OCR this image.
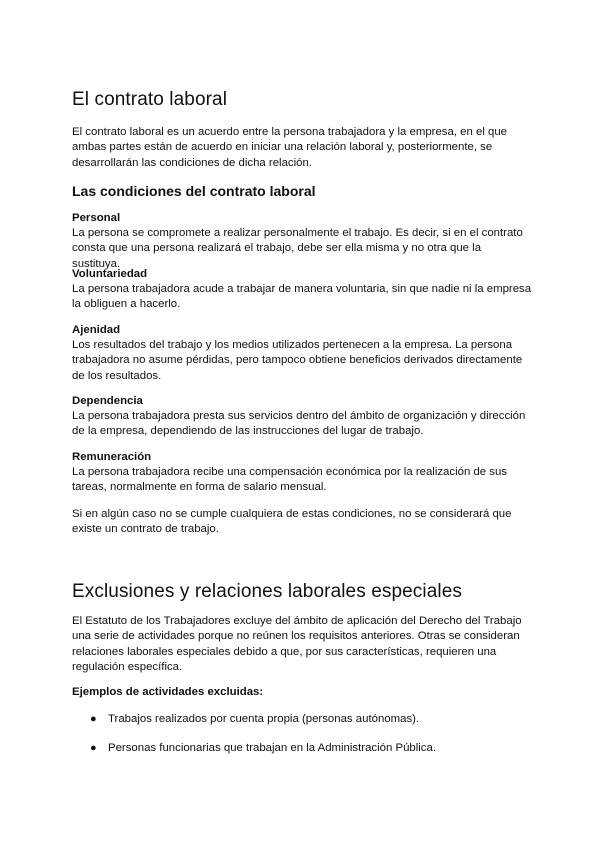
El contrato laboral

El contrato laboral es un acuerdo entre la persona trabajadora y la empresa, en el que ambas partes están de acuerdo en iniciar una relación laboral y, posteriormente, se desarrollarán las condiciones de dicha relación.

Las condiciones del contrato laboral
Personal

La persona se compromete a realizar personalmente el trabajo. Es decir, si en el contrato consta que una persona realizará el trabajo, debe ser ella misma y no otra que la sustituya.

Voluntariedad

La persona trabajadora acude a trabajar de manera voluntaria, sin que nadie ni la empresa la obliguen a hacerlo.

Ajenidad

Los resultados del trabajo y los medios utilizados pertenecen a la empresa. La persona trabajadora no asume pérdidas, pero tampoco obtiene beneficios derivados directamente de los resultados.

Dependencia

La persona trabajadora presta sus servicios dentro del ámbito de organización y dirección de la empresa, dependiendo de las instrucciones del lugar de trabajo.

Remuneración

La persona trabajadora recibe una compensación económica por la realización de sus tareas, normalmente en forma de salario mensual.

Si en algún caso no se cumple cualquiera de estas condiciones, no se considerará que existe un contrato de trabajo.

Exclusiones y relaciones laborales especiales

El Estatuto de los Trabajadores excluye del ámbito de aplicación del Derecho del Trabajo una serie de actividades porque no reúnen los requisitos anteriores. Otras se consideran relaciones laborales especiales debido a que, por sus características, requieren una regulación específica.

Ejemplos de actividades excluidas:
● Trabajos realizados por cuenta propia (personas autónomas).
● Personas funcionarias que trabajan en la Administración Pública.
